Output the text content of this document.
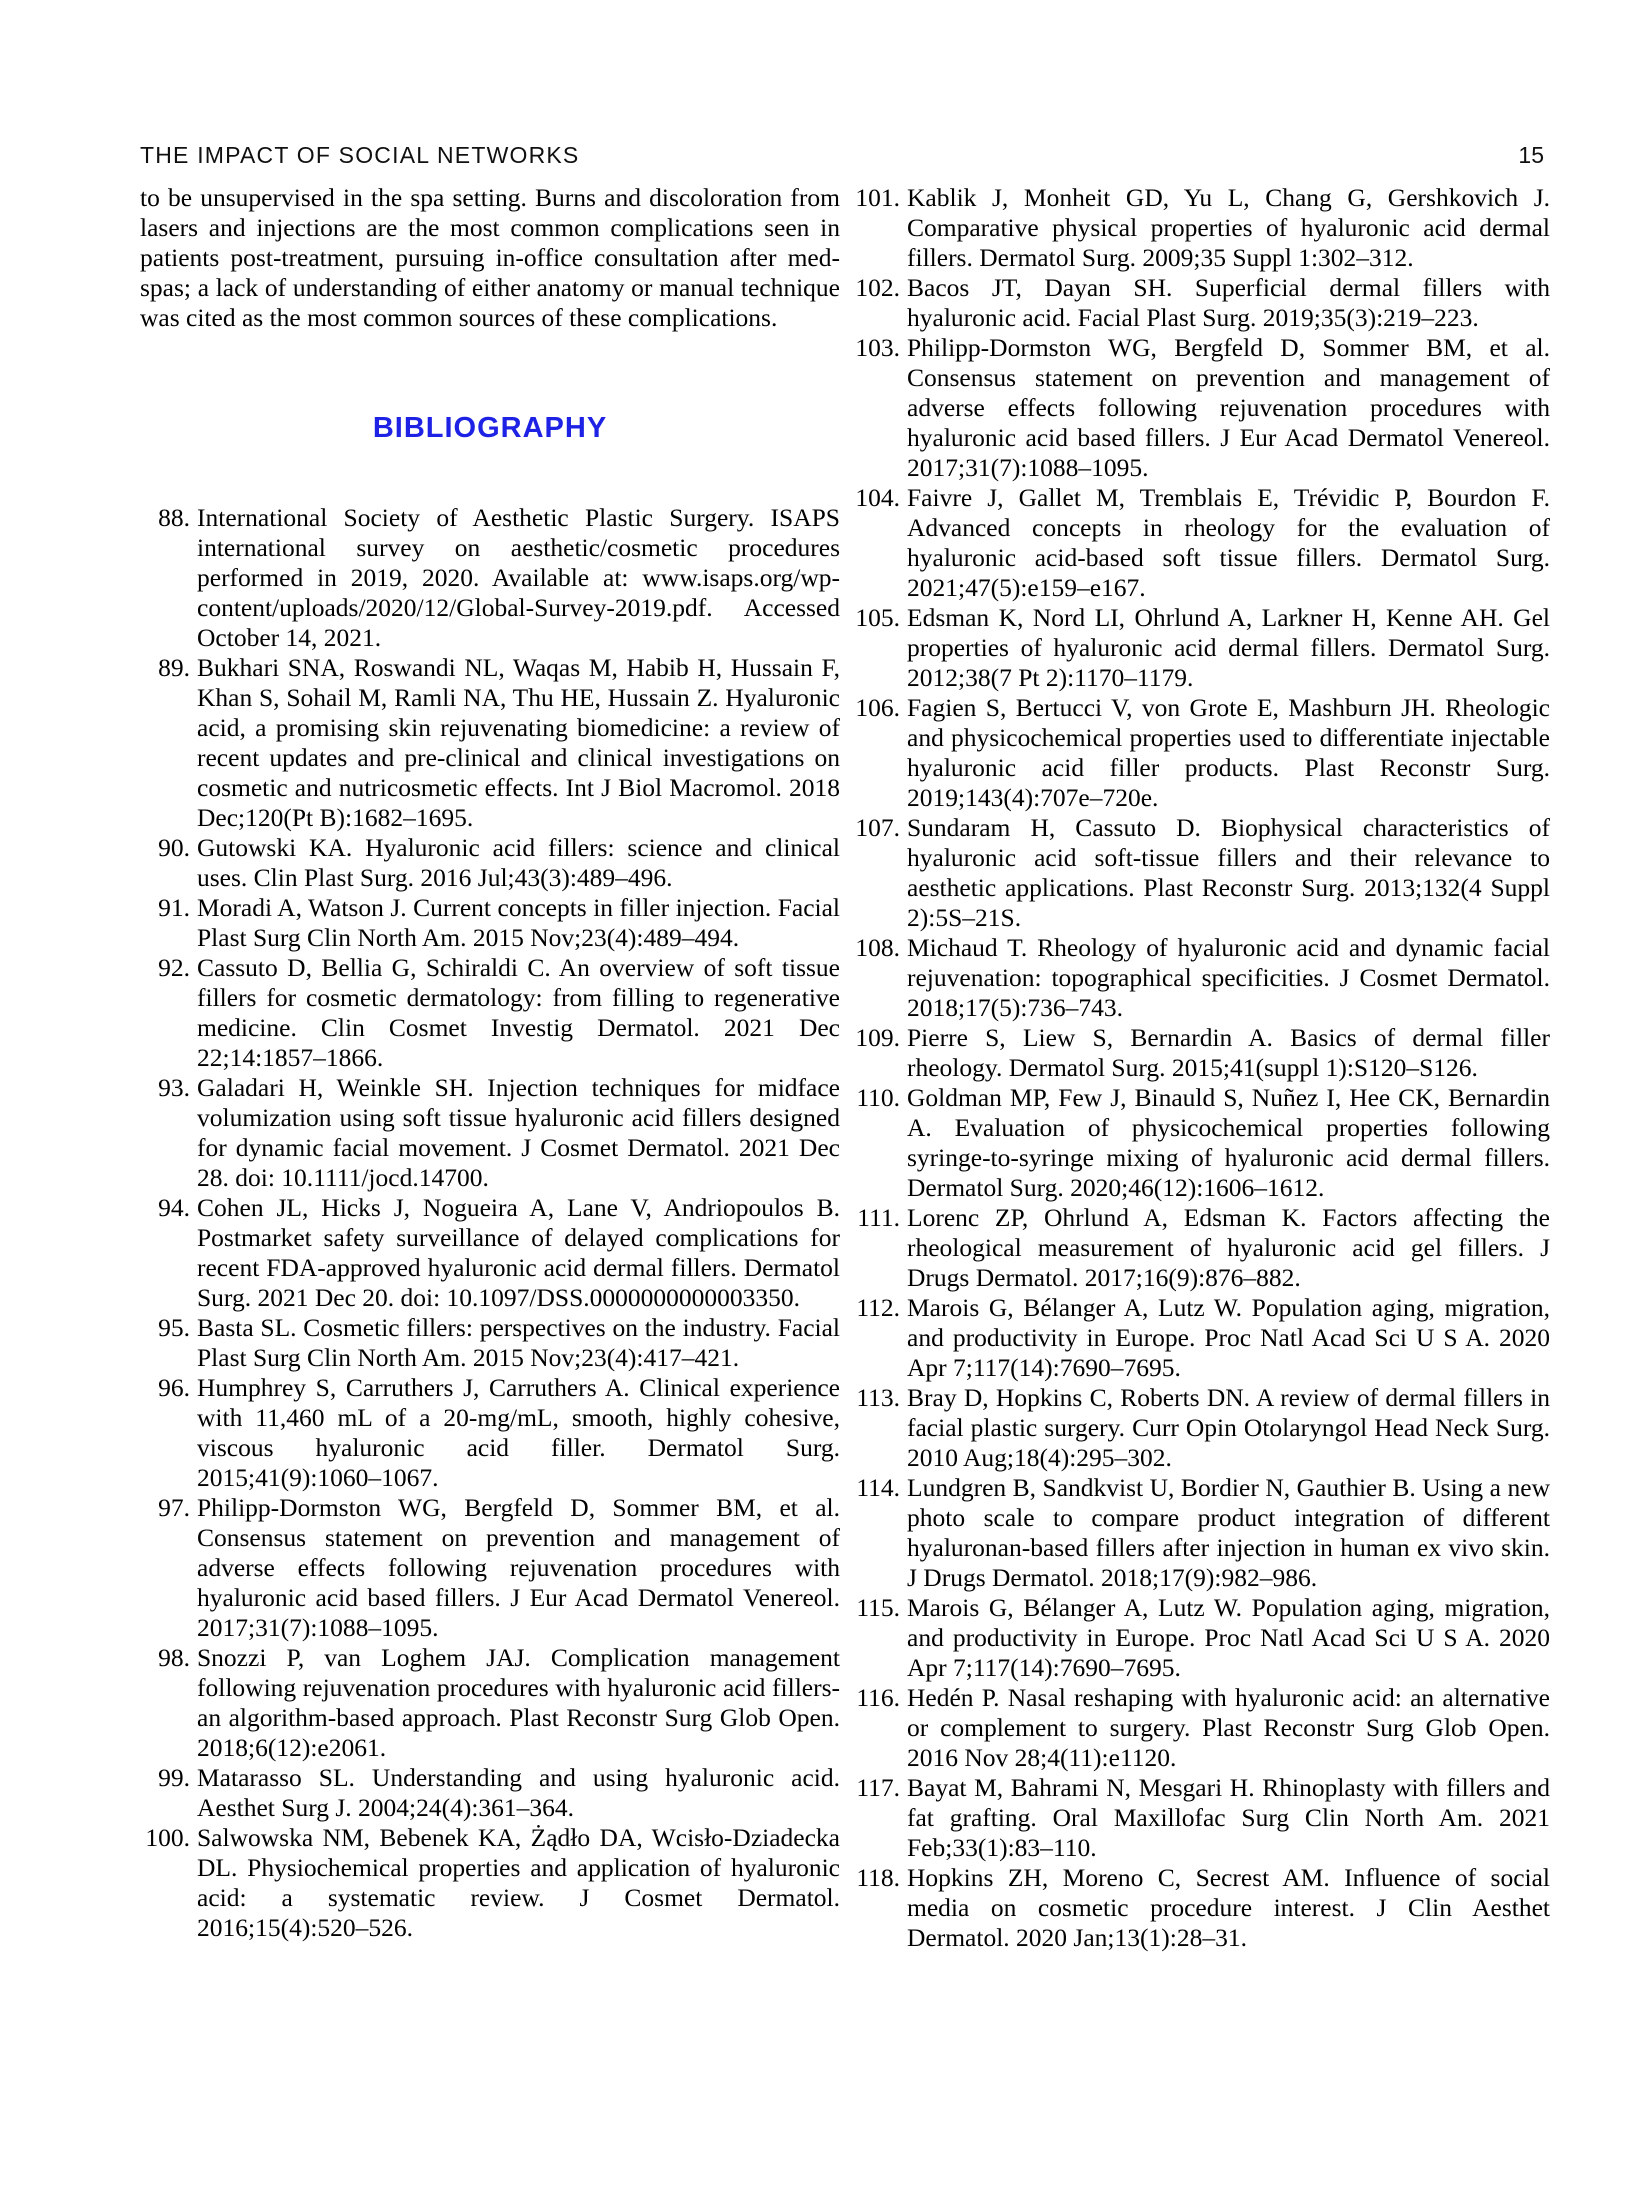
THE IMPACT OF SOCIAL NETWORKS	15

to be unsupervised in the spa setting. Burns and discoloration from lasers and injections are the most common complications seen in patients post-treatment, pursuing in-office consultation after med-spas; a lack of understanding of either anatomy or manual technique was cited as the most common sources of these complications.

BIBLIOGRAPHY
88. International Society of Aesthetic Plastic Surgery. ISAPS international survey on aesthetic/cosmetic procedures performed in 2019, 2020. Available at: www.isaps.org/wp-content/uploads/2020/12/Global-Survey-2019.pdf. Accessed October 14, 2021.
89. Bukhari SNA, Roswandi NL, Waqas M, Habib H, Hussain F, Khan S, Sohail M, Ramli NA, Thu HE, Hussain Z. Hyaluronic acid, a promising skin rejuvenating biomedicine: a review of recent updates and pre-clinical and clinical investigations on cosmetic and nutricosmetic effects. Int J Biol Macromol. 2018 Dec;120(Pt B):1682–1695.
90. Gutowski KA. Hyaluronic acid fillers: science and clinical uses. Clin Plast Surg. 2016 Jul;43(3):489–496.
91. Moradi A, Watson J. Current concepts in filler injection. Facial Plast Surg Clin North Am. 2015 Nov;23(4):489–494.
92. Cassuto D, Bellia G, Schiraldi C. An overview of soft tissue fillers for cosmetic dermatology: from filling to regenerative medicine. Clin Cosmet Investig Dermatol. 2021 Dec 22;14:1857–1866.
93. Galadari H, Weinkle SH. Injection techniques for midface volumization using soft tissue hyaluronic acid fillers designed for dynamic facial movement. J Cosmet Dermatol. 2021 Dec 28. doi: 10.1111/jocd.14700.
94. Cohen JL, Hicks J, Nogueira A, Lane V, Andriopoulos B. Postmarket safety surveillance of delayed complications for recent FDA-approved hyaluronic acid dermal fillers. Dermatol Surg. 2021 Dec 20. doi: 10.1097/DSS.0000000000003350.
95. Basta SL. Cosmetic fillers: perspectives on the industry. Facial Plast Surg Clin North Am. 2015 Nov;23(4):417–421.
96. Humphrey S, Carruthers J, Carruthers A. Clinical experience with 11,460 mL of a 20-mg/mL, smooth, highly cohesive, viscous hyaluronic acid filler. Dermatol Surg. 2015;41(9):1060–1067.
97. Philipp-Dormston WG, Bergfeld D, Sommer BM, et al. Consensus statement on prevention and management of adverse effects following rejuvenation procedures with hyaluronic acid based fillers. J Eur Acad Dermatol Venereol. 2017;31(7):1088–1095.
98. Snozzi P, van Loghem JAJ. Complication management following rejuvenation procedures with hyaluronic acid fillers-an algorithm-based approach. Plast Reconstr Surg Glob Open. 2018;6(12):e2061.
99. Matarasso SL. Understanding and using hyaluronic acid. Aesthet Surg J. 2004;24(4):361–364.
100. Salwowska NM, Bebenek KA, Żądło DA, Wcisło-Dziadecka DL. Physiochemical properties and application of hyaluronic acid: a systematic review. J Cosmet Dermatol. 2016;15(4):520–526.
101. Kablik J, Monheit GD, Yu L, Chang G, Gershkovich J. Comparative physical properties of hyaluronic acid dermal fillers. Dermatol Surg. 2009;35 Suppl 1:302–312.
102. Bacos JT, Dayan SH. Superficial dermal fillers with hyaluronic acid. Facial Plast Surg. 2019;35(3):219–223.
103. Philipp-Dormston WG, Bergfeld D, Sommer BM, et al. Consensus statement on prevention and management of adverse effects following rejuvenation procedures with hyaluronic acid based fillers. J Eur Acad Dermatol Venereol. 2017;31(7):1088–1095.
104. Faivre J, Gallet M, Tremblais E, Trévidic P, Bourdon F. Advanced concepts in rheology for the evaluation of hyaluronic acid-based soft tissue fillers. Dermatol Surg. 2021;47(5):e159–e167.
105. Edsman K, Nord LI, Ohrlund A, Larkner H, Kenne AH. Gel properties of hyaluronic acid dermal fillers. Dermatol Surg. 2012;38(7 Pt 2):1170–1179.
106. Fagien S, Bertucci V, von Grote E, Mashburn JH. Rheologic and physicochemical properties used to differentiate injectable hyaluronic acid filler products. Plast Reconstr Surg. 2019;143(4):707e–720e.
107. Sundaram H, Cassuto D. Biophysical characteristics of hyaluronic acid soft-tissue fillers and their relevance to aesthetic applications. Plast Reconstr Surg. 2013;132(4 Suppl 2):5S–21S.
108. Michaud T. Rheology of hyaluronic acid and dynamic facial rejuvenation: topographical specificities. J Cosmet Dermatol. 2018;17(5):736–743.
109. Pierre S, Liew S, Bernardin A. Basics of dermal filler rheology. Dermatol Surg. 2015;41(suppl 1):S120–S126.
110. Goldman MP, Few J, Binauld S, Nuñez I, Hee CK, Bernardin A. Evaluation of physicochemical properties following syringe-to-syringe mixing of hyaluronic acid dermal fillers. Dermatol Surg. 2020;46(12):1606–1612.
111. Lorenc ZP, Ohrlund A, Edsman K. Factors affecting the rheological measurement of hyaluronic acid gel fillers. J Drugs Dermatol. 2017;16(9):876–882.
112. Marois G, Bélanger A, Lutz W. Population aging, migration, and productivity in Europe. Proc Natl Acad Sci U S A. 2020 Apr 7;117(14):7690–7695.
113. Bray D, Hopkins C, Roberts DN. A review of dermal fillers in facial plastic surgery. Curr Opin Otolaryngol Head Neck Surg. 2010 Aug;18(4):295–302.
114. Lundgren B, Sandkvist U, Bordier N, Gauthier B. Using a new photo scale to compare product integration of different hyaluronan-based fillers after injection in human ex vivo skin. J Drugs Dermatol. 2018;17(9):982–986.
115. Marois G, Bélanger A, Lutz W. Population aging, migration, and productivity in Europe. Proc Natl Acad Sci U S A. 2020 Apr 7;117(14):7690–7695.
116. Hedén P. Nasal reshaping with hyaluronic acid: an alternative or complement to surgery. Plast Reconstr Surg Glob Open. 2016 Nov 28;4(11):e1120.
117. Bayat M, Bahrami N, Mesgari H. Rhinoplasty with fillers and fat grafting. Oral Maxillofac Surg Clin North Am. 2021 Feb;33(1):83–110.
118. Hopkins ZH, Moreno C, Secrest AM. Influence of social media on cosmetic procedure interest. J Clin Aesthet Dermatol. 2020 Jan;13(1):28–31.
